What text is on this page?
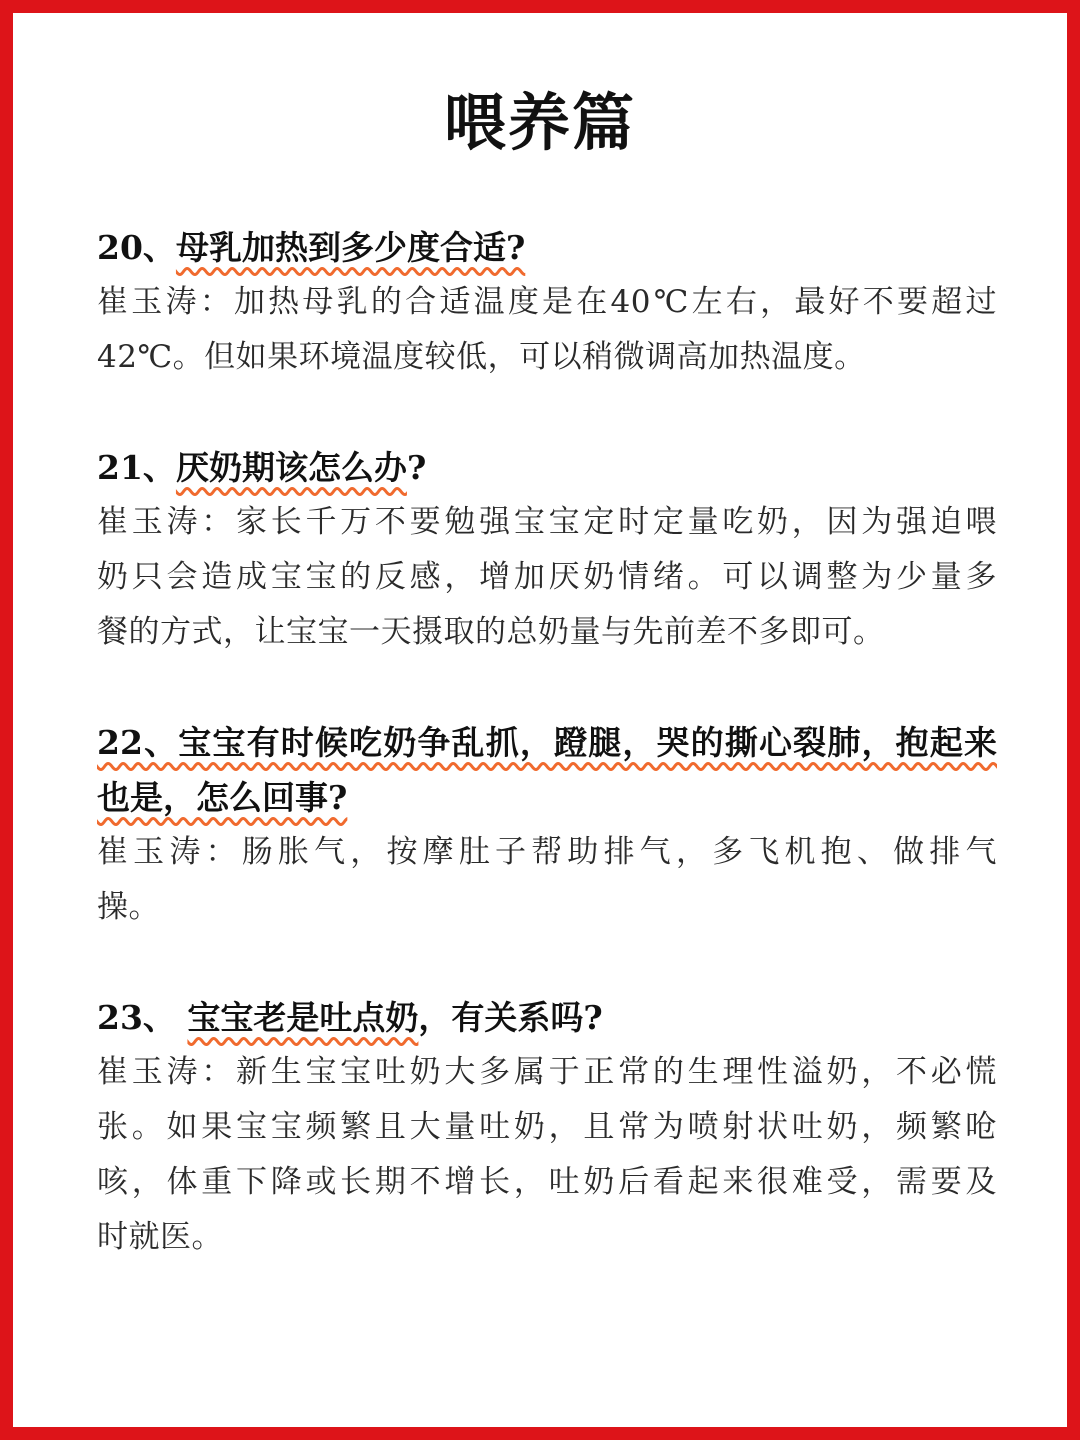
喂养篇
20、母乳加热到多少度合适?
崔玉涛：加热母乳的合适温度是在40℃左右，最好不要超过
42℃。但如果环境温度较低，可以稍微调高加热温度。
21、厌奶期该怎么办?
崔玉涛：家长千万不要勉强宝宝定时定量吃奶，因为强迫喂
奶只会造成宝宝的反感，增加厌奶情绪。可以调整为少量多
餐的方式，让宝宝一天摄取的总奶量与先前差不多即可。
22、宝宝有时候吃奶争乱抓，蹬腿，哭的撕心裂肺，抱起来
也是，怎么回事?
崔玉涛：肠胀气，按摩肚子帮助排气，多飞机抱、做排气
操。
23、 宝宝老是吐点奶，有关系吗?
崔玉涛：新生宝宝吐奶大多属于正常的生理性溢奶，不必慌
张。如果宝宝频繁且大量吐奶，且常为喷射状吐奶，频繁呛
咳，体重下降或长期不增长，吐奶后看起来很难受，需要及
时就医。
